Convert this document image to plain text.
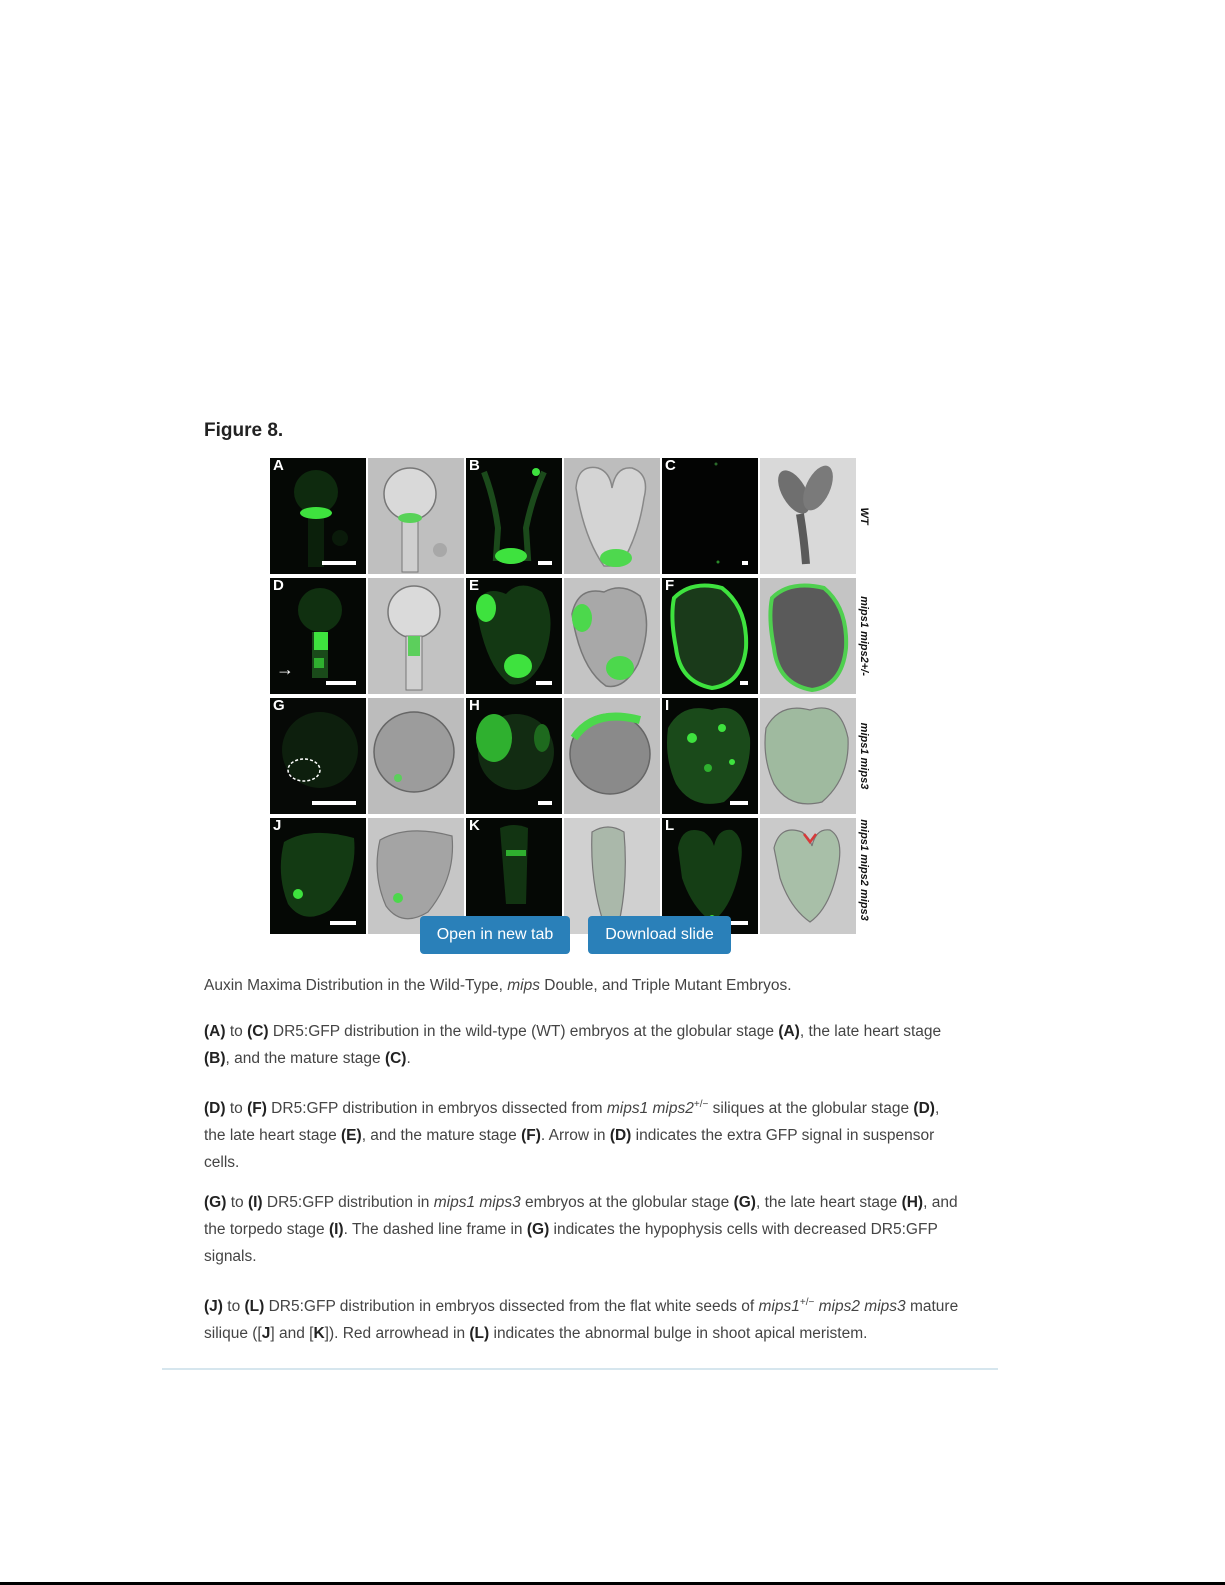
Figure 8.
A	B	C
D
→
E	F
G	H	I
J	K	L
WT
mips1 mips2+/-
mips1 mips3
mips1 mips2 mips3
Open in new tab	Download slide
Auxin Maxima Distribution in the Wild-Type, mips Double, and Triple Mutant Embryos.
(A) to (C) DR5:GFP distribution in the wild-type (WT) embryos at the globular stage (A), the late heart stage (B), and the mature stage (C).
(D) to (F) DR5:GFP distribution in embryos dissected from mips1 mips2+/− siliques at the globular stage (D), the late heart stage (E), and the mature stage (F). Arrow in (D) indicates the extra GFP signal in suspensor cells.
(G) to (I) DR5:GFP distribution in mips1 mips3 embryos at the globular stage (G), the late heart stage (H), and the torpedo stage (I). The dashed line frame in (G) indicates the hypophysis cells with decreased DR5:GFP signals.
(J) to (L) DR5:GFP distribution in embryos dissected from the flat white seeds of mips1+/− mips2 mips3 mature silique ([J] and [K]). Red arrowhead in (L) indicates the abnormal bulge in shoot apical meristem.
